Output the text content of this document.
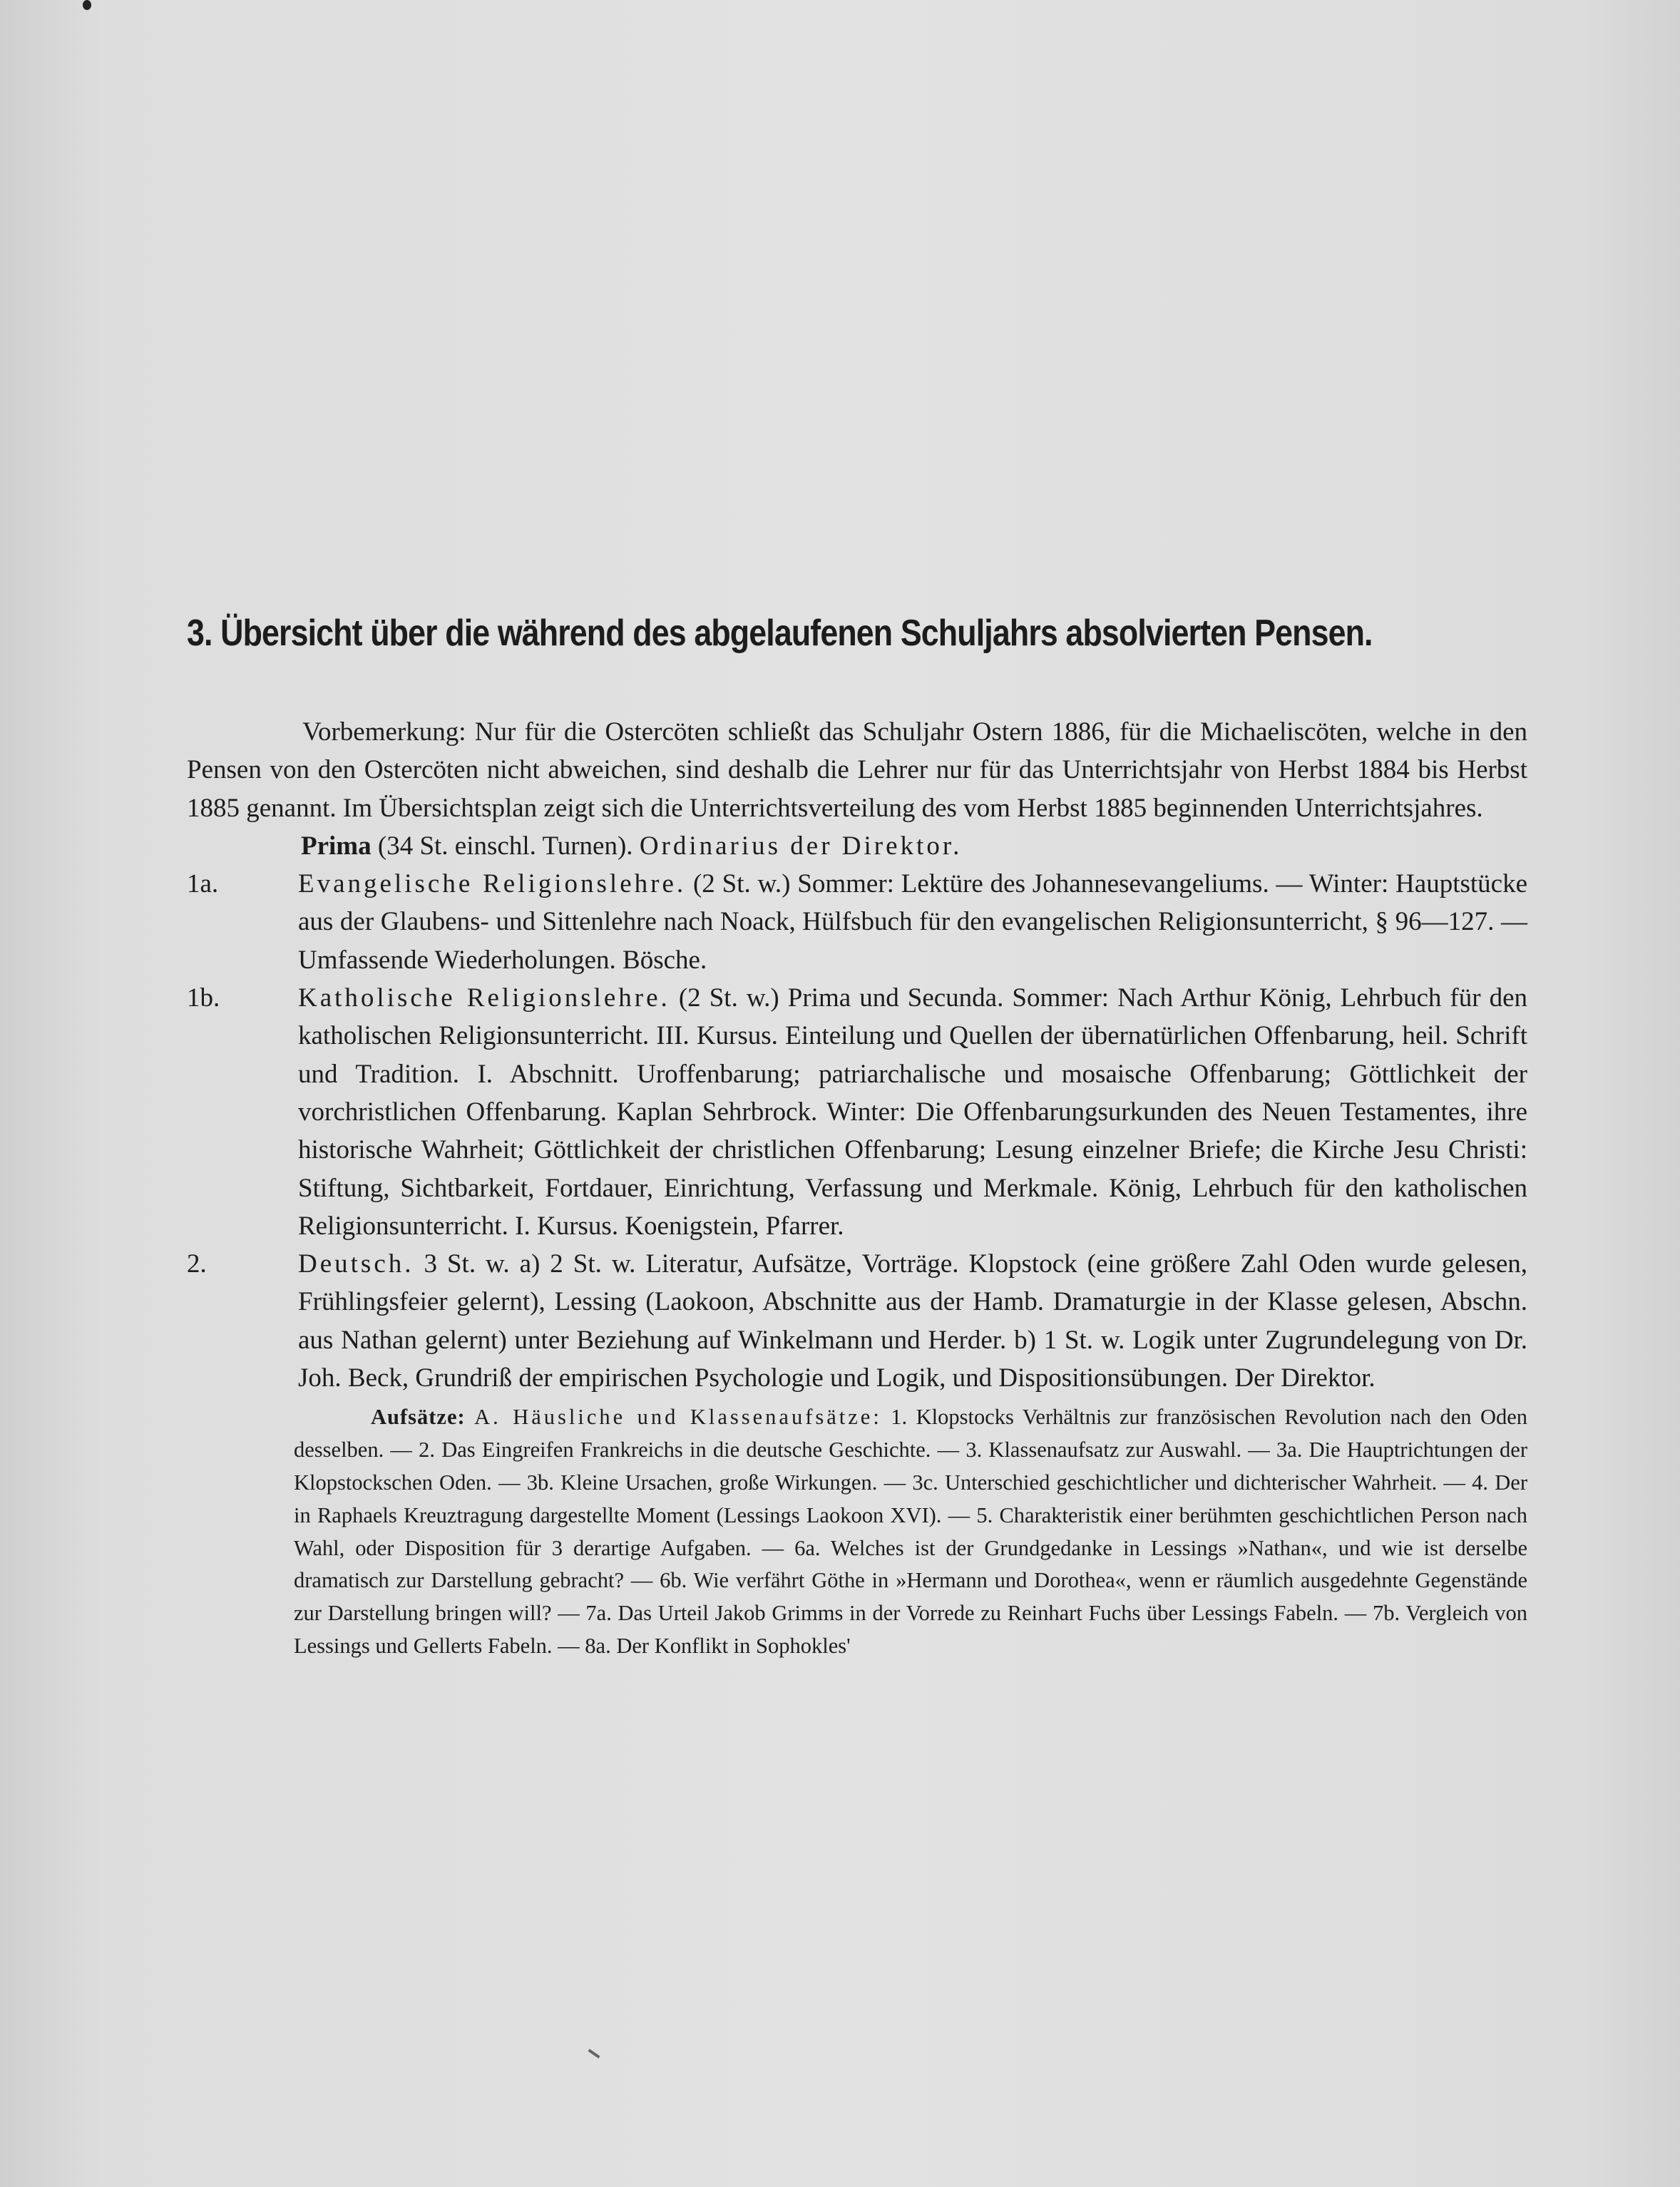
3. Übersicht über die während des abgelaufenen Schuljahrs absolvierten Pensen.

Vorbemerkung: Nur für die Ostercöten schließt das Schuljahr Ostern 1886, für die Michaeliscöten, welche in den Pensen von den Ostercöten nicht abweichen, sind deshalb die Lehrer nur für das Unterrichtsjahr von Herbst 1884 bis Herbst 1885 genannt. Im Übersichtsplan zeigt sich die Unterrichtsverteilung des vom Herbst 1885 beginnenden Unterrichtsjahres.

Prima (34 St. einschl. Turnen). Ordinarius der Direktor.

1a.	Evangelische Religionslehre. (2 St. w.) Sommer: Lektüre des Johannesevangeliums. — Winter: Hauptstücke aus der Glaubens- und Sittenlehre nach Noack, Hülfsbuch für den evangelischen Religionsunterricht, § 96—127. — Umfassende Wiederholungen. Bösche.
1b.	Katholische Religionslehre. (2 St. w.) Prima und Secunda. Sommer: Nach Arthur König, Lehrbuch für den katholischen Religionsunterricht. III. Kursus. Einteilung und Quellen der übernatürlichen Offenbarung, heil. Schrift und Tradition. I. Abschnitt. Uroffenbarung; patriarchalische und mosaische Offenbarung; Göttlichkeit der vorchristlichen Offenbarung. Kaplan Sehrbrock. Winter: Die Offenbarungsurkunden des Neuen Testamentes, ihre historische Wahrheit; Göttlichkeit der christlichen Offenbarung; Lesung einzelner Briefe; die Kirche Jesu Christi: Stiftung, Sichtbarkeit, Fortdauer, Einrichtung, Verfassung und Merkmale. König, Lehrbuch für den katholischen Religionsunterricht. I. Kursus. Koenigstein, Pfarrer.
2.	Deutsch. 3 St. w. a) 2 St. w. Literatur, Aufsätze, Vorträge. Klopstock (eine größere Zahl Oden wurde gelesen, Frühlingsfeier gelernt), Lessing (Laokoon, Abschnitte aus der Hamb. Dramaturgie in der Klasse gelesen, Abschn. aus Nathan gelernt) unter Beziehung auf Winkelmann und Herder. b) 1 St. w. Logik unter Zugrundelegung von Dr. Joh. Beck, Grundriß der empirischen Psychologie und Logik, und Dispositionsübungen. Der Direktor.
Aufsätze: A. Häusliche und Klassenaufsätze: 1. Klopstocks Verhältnis zur französischen Revolution nach den Oden desselben. — 2. Das Eingreifen Frankreichs in die deutsche Geschichte. — 3. Klassenaufsatz zur Auswahl. — 3a. Die Hauptrichtungen der Klopstockschen Oden. — 3b. Kleine Ursachen, große Wirkungen. — 3c. Unterschied geschichtlicher und dichterischer Wahrheit. — 4. Der in Raphaels Kreuztragung dargestellte Moment (Lessings Laokoon XVI). — 5. Charakteristik einer berühmten geschichtlichen Person nach Wahl, oder Disposition für 3 derartige Aufgaben. — 6a. Welches ist der Grundgedanke in Lessings »Nathan«, und wie ist derselbe dramatisch zur Darstellung gebracht? — 6b. Wie verfährt Göthe in »Hermann und Dorothea«, wenn er räumlich ausgedehnte Gegenstände zur Darstellung bringen will? — 7a. Das Urteil Jakob Grimms in der Vorrede zu Reinhart Fuchs über Lessings Fabeln. — 7b. Vergleich von Lessings und Gellerts Fabeln. — 8a. Der Konflikt in Sophokles'
